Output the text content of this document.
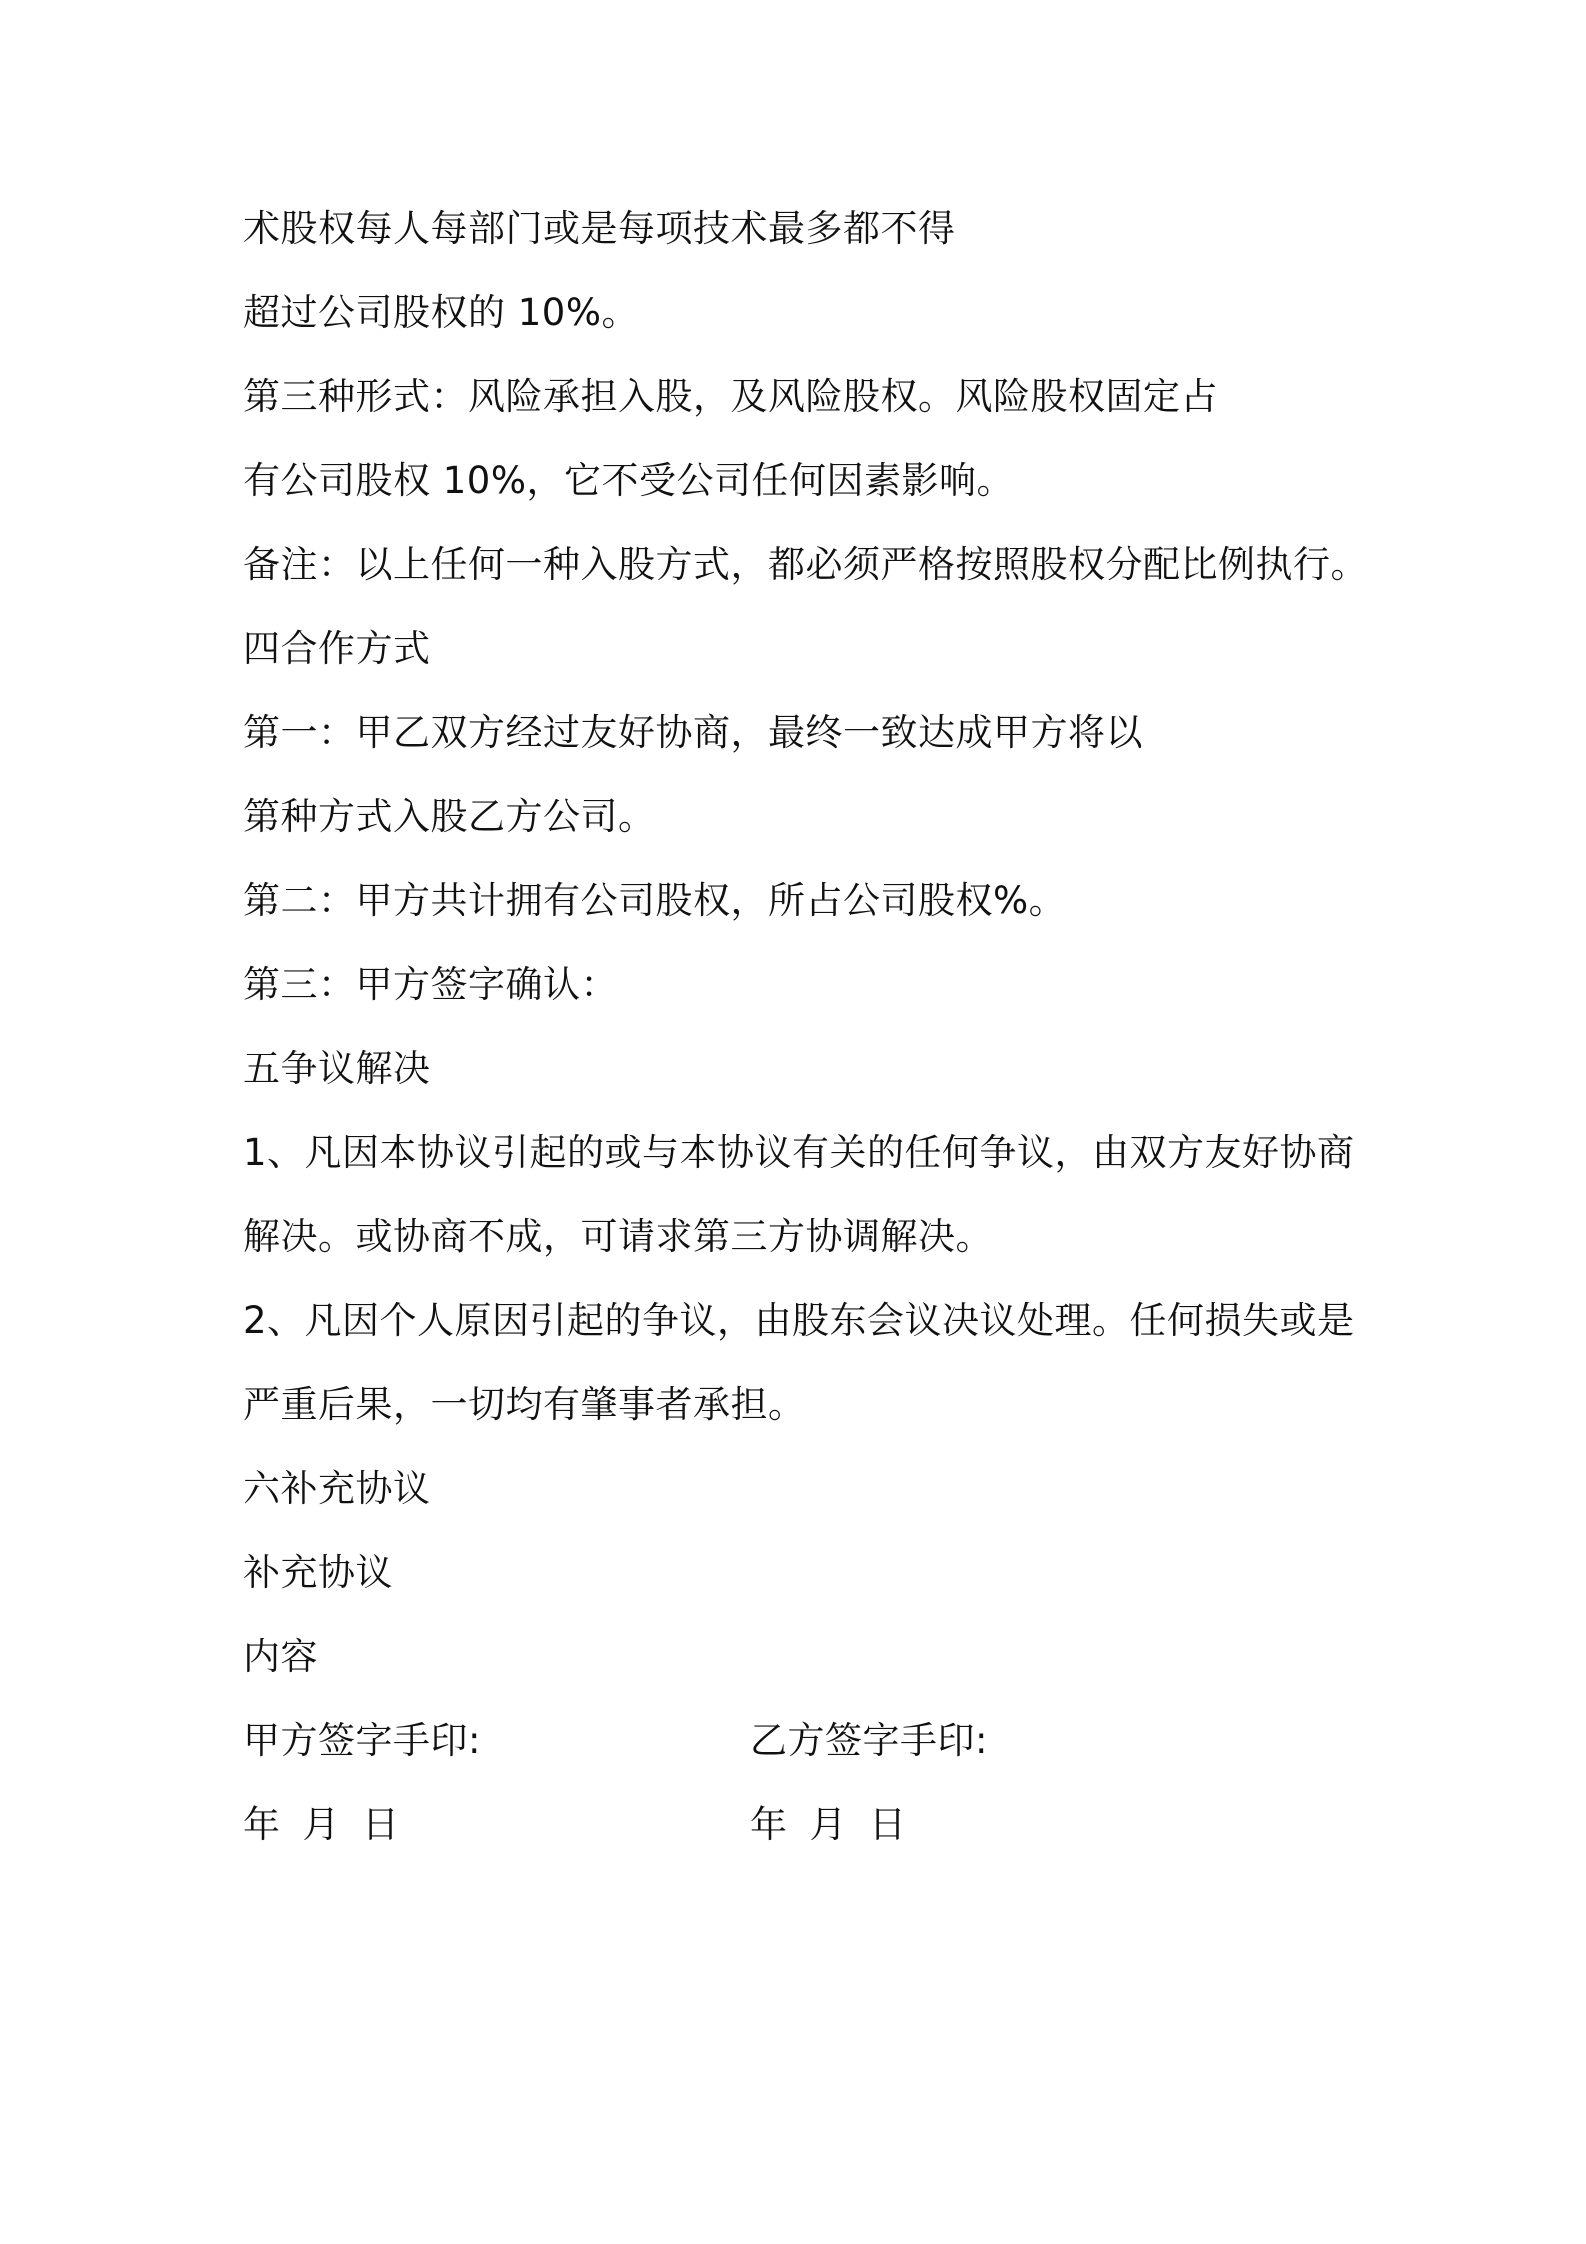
术股权每人每部门或是每项技术最多都不得
超过公司股权的 10%。
第三种形式：风险承担入股，及风险股权。风险股权固定占
有公司股权 10%，它不受公司任何因素影响。
备注：以上任何一种入股方式，都必须严格按照股权分配比例执行。
四合作方式
第一：甲乙双方经过友好协商，最终一致达成甲方将以
第种方式入股乙方公司。
第二：甲方共计拥有公司股权，所占公司股权%。
第三：甲方签字确认：
五争议解决
1、凡因本协议引起的或与本协议有关的任何争议，由双方友好协商
解决。或协商不成，可请求第三方协调解决。
2、凡因个人原因引起的争议，由股东会议决议处理。任何损失或是
严重后果，一切均有肇事者承担。
六补充协议
补充协议
内容
甲方签字手印:	乙方签字手印:
年 月 日	年 月 日
